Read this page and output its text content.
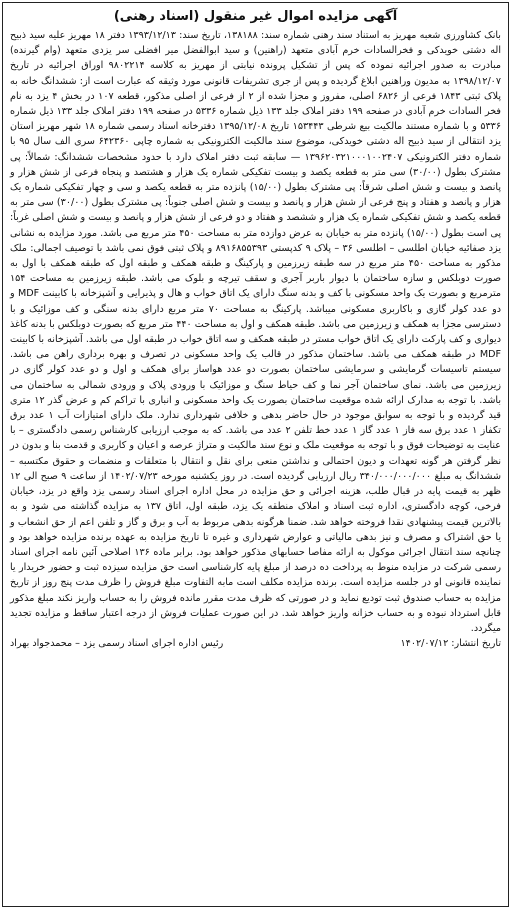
آگهی مزایده اموال غیر منقول (اسناد رهنی)

بانک کشاورزی شعبه مهریز به استناد سند رهنی شماره سند: ۱۳۸۱۸۸، تاریخ سند: ۱۳۹۳/۱۲/۱۳ دفتر ۱۸ مهریز علیه سید ذبیح اله دشتی خویدکی و فخرالسادات خرم آبادی متعهد (راهنین) و سید ابوالفضل میر افضلی سر یزدی متعهد (وام گیرنده) مبادرت به صدور اجرائیه نموده که پس از تشکیل پرونده نیابتی از مهریز به کلاسه ۹۸۰۲۲۱۴ اوراق اجرائیه در تاریخ ۱۳۹۸/۱۲/۰۷ به مدیون وراهنین ابلاغ گردیده و پس از جری تشریفات قانونی مورد وثیقه که عبارت است از: ششدانگ خانه به پلاک ثبتی ۱۸۴۳ فرعی از ۶۸۲۶ اصلی، مفروز و مجزا شده از ۲ از فرعی از اصلی مذکور، قطعه ۱۰۷ در بخش ۴ یزد به نام فخر السادات خرم آبادی در صفحه ۱۹۹ دفتر املاک جلد ۱۳۳ ذیل شماره ۵۳۳۶ در صفحه ۱۹۹ دفتر املاک جلد ۱۳۳ ذیل شماره ۵۳۳۶ و با شماره مستند مالکیت بیع شرطی ۱۵۳۴۴۳ تاریخ ۱۳۹۵/۱۲/۰۸ دفترخانه اسناد رسمی شماره ۱۸ شهر مهریز استان یزد انتقالی از سید ذبیح اله دشتی خویدکی، موضوع سند مالکیت الکترونیکی به شماره چاپی ۶۴۲۳۶۰ سری الف سال ۹۵ با شماره دفتر الکترونیکی ۱۳۹۶۲۰۳۲۱۰۰۰۱۰۰۲۴۰۷ — سابقه ثبت دفتر املاک دارد با حدود مشخصات ششدانگ: شمالاً: پی مشترک بطول (۳۰/۰۰) سی متر به قطعه یکصد و بیست تفکیکی شماره یک هزار و هشتصد و پنجاه فرعی از شش هزار و پانصد و بیست و شش اصلی شرقاً: پی مشترک بطول (۱۵/۰۰) پانزده متر به قطعه یکصد و سی و چهار تفکیکی شماره یک هزار و پانصد و هفتاد و پنج فرعی از شش هزار و پانصد و بیست و شش اصلی جنوباً: پی مشترک بطول (۳۰/۰۰) سی متر به قطعه یکصد و شش تفکیکی شماره یک هزار و ششصد و هفتاد و دو فرعی از شش هزار و پانصد و بیست و شش اصلی غرباً: پی است بطول (۱۵/۰۰) پانزده متر به خیابان به عرض دوازده متر به مساحت ۴۵۰ متر مربع می باشد. مورد مزایده به نشانی یزد صفائیه خیابان اطلسی – اطلسی ۳۶ – پلاک ۹ کدپستی ۸۹۱۶۸۵۵۳۹۳ و پلاک ثبتی فوق نمی باشد با توصیف اجمالی: ملک مذکور به مساحت ۴۵۰ متر مربع در سه طبقه زیرزمین و پارکینگ و طبقه همکف و طبقه اول که طبقه همکف با اول به صورت دوبلکس و سازه ساختمان با دیوار باربر آجری و سقف تیرچه و بلوک می باشد. طبقه زیرزمین به مساحت ۱۵۴ مترمربع و بصورت یک واحد مسکونی با کف و بدنه سنگ دارای یک اتاق خواب و هال و پذیرایی و آشپزخانه با کابینت MDF و دو عدد کولر گازی و باکاربری مسکونی میباشد. پارکینگ به مساحت ۷۰ متر مربع دارای بدنه سنگی و کف موزائیک و با دسترسی مجزا به همکف و زیرزمین می باشد. طبقه همکف و اول به مساحت ۴۴۰ متر مربع که بصورت دوبلکس با بدنه کاغذ دیواری و کف پارکت دارای یک اتاق خواب مستر در طبقه همکف و سه اتاق خواب در طبقه اول می باشد. آشپزخانه با کابینت MDF در طبقه همکف می باشد. ساختمان مذکور در قالب یک واحد مسکونی در تصرف و بهره برداری راهن می باشد. سیستم تاسیسات گرمایشی و سرمایشی ساختمان بصورت دو عدد هواساز برای همکف و اول و دو عدد کولر گازی در زیرزمین می باشد. نمای ساختمان آجر نما و کف حیاط سنگ و موزائیک با ورودی پلاک و ورودی شمالی به ساختمان می باشد. با توجه به مدارک ارائه شده موقعیت ساختمان بصورت یک واحد مسکونی و انباری با تراکم کم و عرض گذر ۱۲ متری قید گردیده و با توجه به سوابق موجود در حال حاضر بدهی و خلافی شهرداری ندارد. ملک دارای امتیازات آب ۱ عدد برق تکفاز ۱ عدد برق سه فاز ۱ عدد گاز ۱ عدد خط تلفن ۲ عدد می باشد. که به موجب ارزیابی کارشناس رسمی دادگستری – با عنایت به توضیحات فوق و با توجه به موقعیت ملک و نوع سند مالکیت و متراژ عرصه و اعیان و کاربری و قدمت بنا و بدون در نظر گرفتن هر گونه تعهدات و دیون احتمالی و نداشتن منعی برای نقل و انتقال با متعلقات و منضمات و حقوق مکتسبه – ششدانگ به مبلغ ۳۴۰/۰۰۰/۰۰۰/۰۰۰ ریال ارزیابی گردیده است. در روز یکشنبه مورخه ۱۴۰۲/۰۷/۲۳ از ساعت ۹ صبح الی ۱۲ ظهر به قیمت پایه در قبال طلب، هزینه اجرائی و حق مزایده در محل اداره اجرای اسناد رسمی یزد واقع در یزد، خیابان فرخی، کوچه دادگستری، اداره ثبت اسناد و املاک منطقه یک یزد، طبقه اول، اتاق ۱۳۷ به مزایده گذاشته می شود و به بالاترین قیمت پیشنهادی نقدا فروخته خواهد شد. ضمنا هرگونه بدهی مربوط به آب و برق و گاز و تلفن اعم از حق انشعاب و یا حق اشتراک و مصرف و نیز بدهی مالیاتی و عوارض شهرداری و غیره تا تاریخ مزایده به عهده برنده مزایده خواهد بود و چنانچه سند انتقال اجرائی موکول به ارائه مفاصا حسابهای مذکور خواهد بود. برابر ماده ۱۳۶ اصلاحی آئین نامه اجرای اسناد رسمی شرکت در مزایده منوط به پرداخت ده درصد از مبلغ پایه کارشناسی است حق مزایده سیزده ثبت و حضور خریدار یا نماینده قانونی او در جلسه مزایده است. برنده مزایده مکلف است مابه التفاوت مبلغ فروش را ظرف مدت پنج روز از تاریخ مزایده به حساب صندوق ثبت تودیع نماید و در صورتی که ظرف مدت مقرر مانده فروش را به حساب واریز نکند مبلغ مذکور قابل استرداد نبوده و به حساب خزانه واریز خواهد شد. در این صورت عملیات فروش از درجه اعتبار ساقط و مزایده تجدید میگردد.

تاریخ انتشار: ۱۴۰۲/۰۷/۱۲
رئیس اداره اجرای اسناد رسمی یزد – محمدجواد بهراد
